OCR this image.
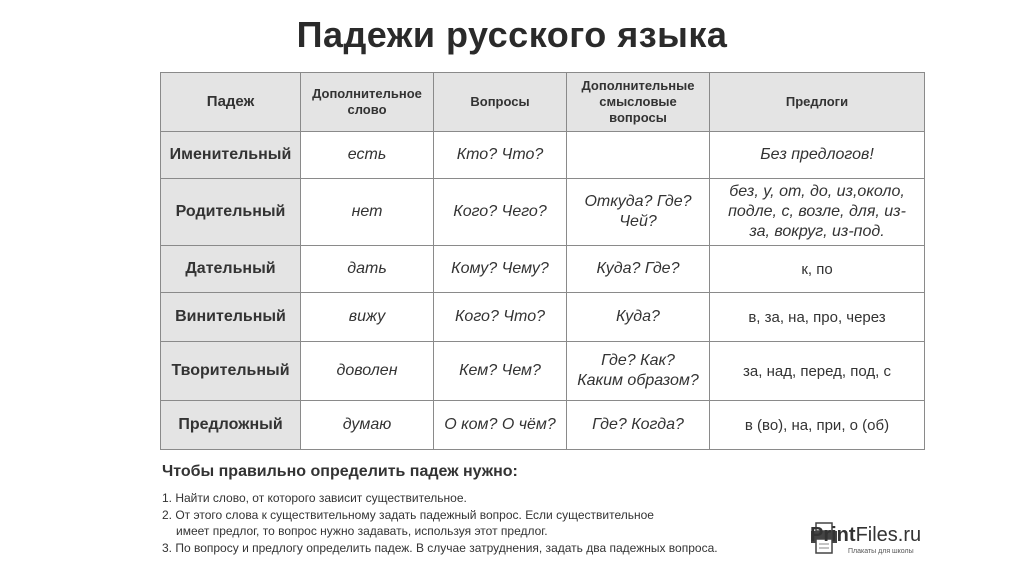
Падежи русского языка
Падеж	Дополнительное слово	Вопросы	Дополнительные смысловые вопросы	Предлоги
Именительный	есть	Кто? Что?		Без предлогов!
Родительный	нет	Кого? Чего?	Откуда? Где? Чей?	без, у, от, до, из,около, подле, с, возле, для, из-за, вокруг, из-под.
Дательный	дать	Кому? Чему?	Куда? Где?	к, по
Винительный	вижу	Кого? Что?	Куда?	в, за, на, про, через
Творительный	доволен	Кем? Чем?	Где? Как? Каким образом?	за, над, перед, под, с
Предложный	думаю	О ком? О чём?	Где? Когда?	в (во), на, при, о (об)
Чтобы правильно определить падеж нужно:
1. Найти слово, от которого зависит существительное.
2. От этого слова к существительному задать падежный вопрос. Если существительное
имеет предлог, то вопрос нужно задавать, используя этот предлог.
3. По вопросу и предлогу определить падеж. В случае затруднения, задать два падежных вопроса.
PrintFiles.ru
Плакаты для школы
